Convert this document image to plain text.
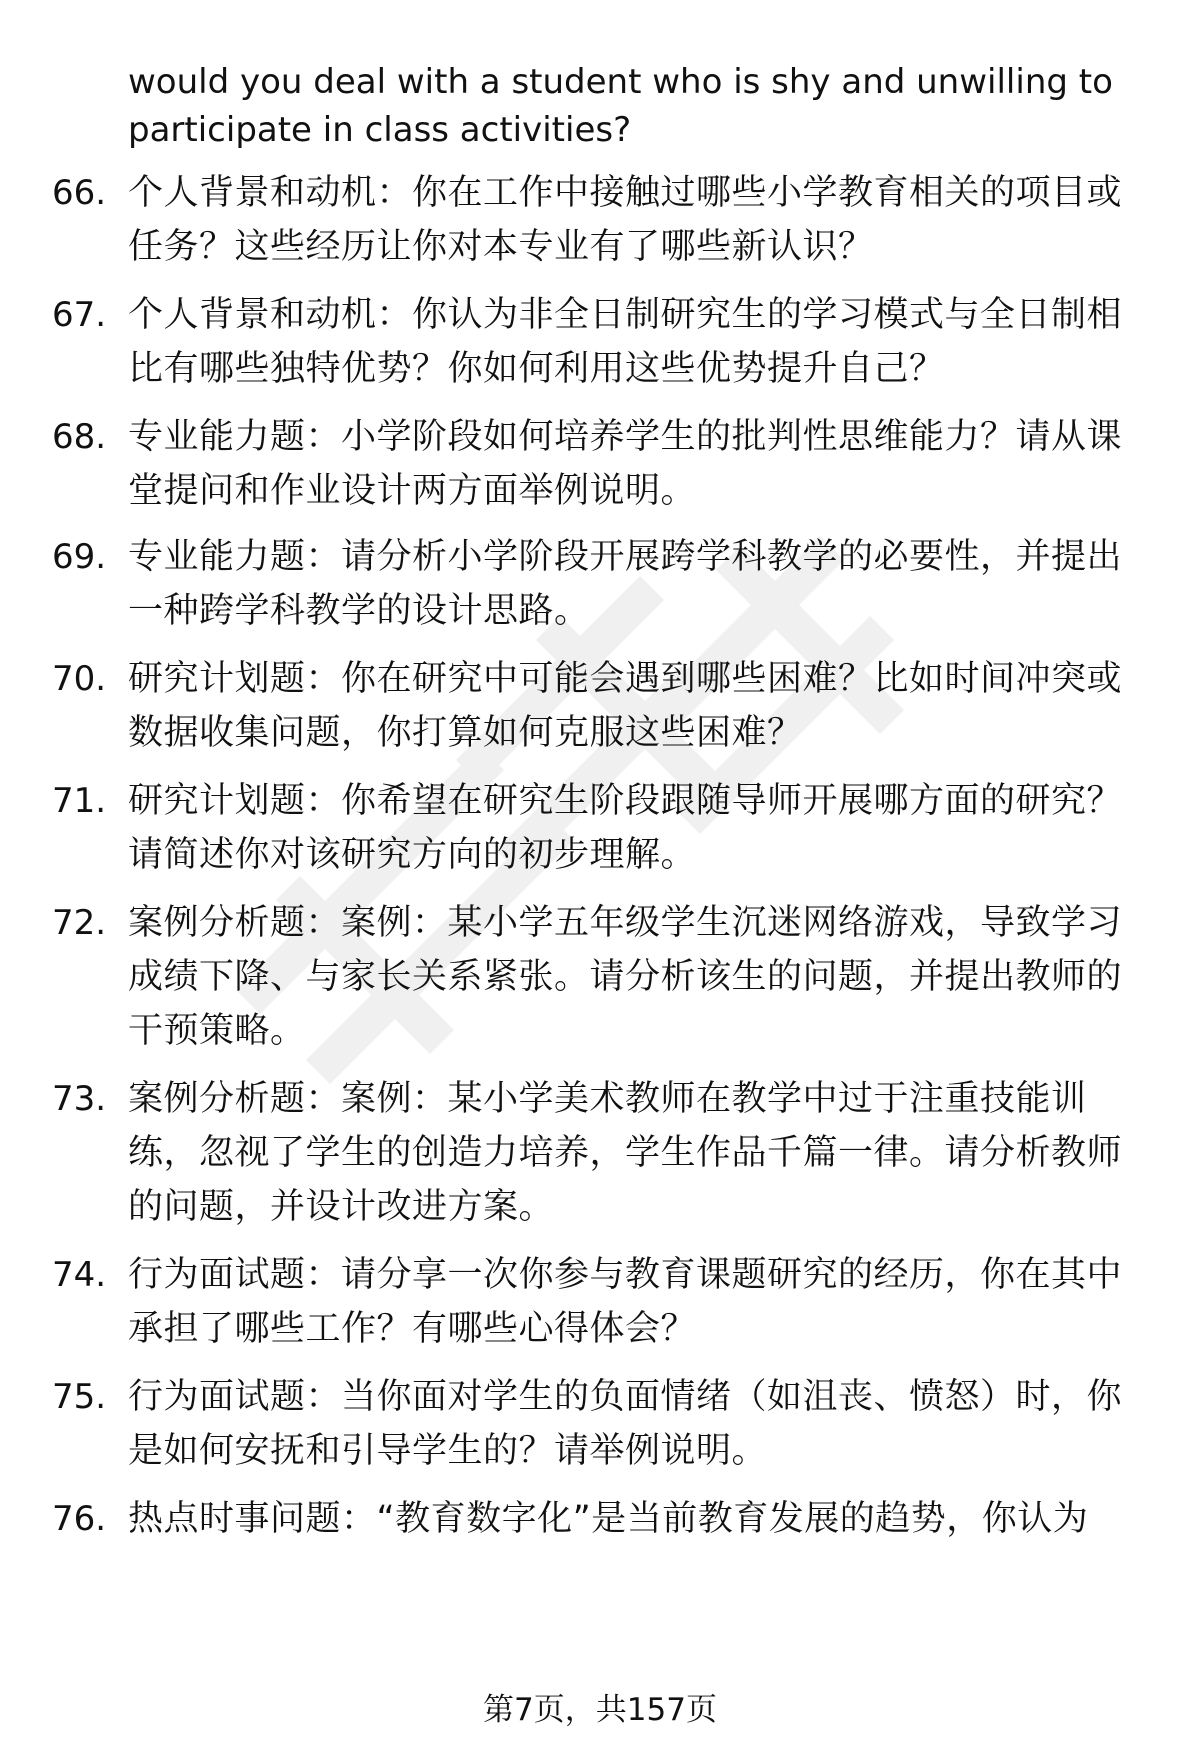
would you deal with a student who is shy and unwilling to participate in class activities?
66. 个人背景和动机：你在工作中接触过哪些小学教育相关的项目或任务？这些经历让你对本专业有了哪些新认识？
67. 个人背景和动机：你认为非全日制研究生的学习模式与全日制相比有哪些独特优势？你如何利用这些优势提升自己？
68. 专业能力题：小学阶段如何培养学生的批判性思维能力？请从课堂提问和作业设计两方面举例说明。
69. 专业能力题：请分析小学阶段开展跨学科教学的必要性，并提出一种跨学科教学的设计思路。
70. 研究计划题：你在研究中可能会遇到哪些困难？比如时间冲突或数据收集问题，你打算如何克服这些困难？
71. 研究计划题：你希望在研究生阶段跟随导师开展哪方面的研究？请简述你对该研究方向的初步理解。
72. 案例分析题：案例：某小学五年级学生沉迷网络游戏，导致学习成绩下降、与家长关系紧张。请分析该生的问题，并提出教师的干预策略。
73. 案例分析题：案例：某小学美术教师在教学中过于注重技能训练，忽视了学生的创造力培养，学生作品千篇一律。请分析教师的问题，并设计改进方案。
74. 行为面试题：请分享一次你参与教育课题研究的经历，你在其中承担了哪些工作？有哪些心得体会？
75. 行为面试题：当你面对学生的负面情绪（如沮丧、愤怒）时，你是如何安抚和引导学生的？请举例说明。
76. 热点时事问题：“教育数字化”是当前教育发展的趋势，你认为
第7页，共157页
